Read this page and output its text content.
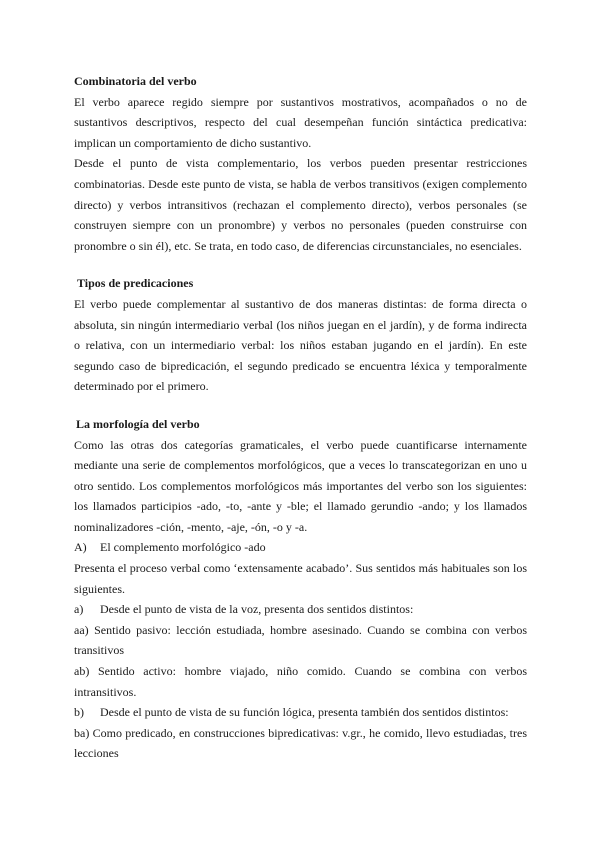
Combinatoria del verbo

El verbo aparece regido siempre por sustantivos mostrativos, acompañados o no de sustantivos descriptivos, respecto del cual desempeñan función sintáctica predicativa: implican un comportamiento de dicho sustantivo.

Desde el punto de vista complementario, los verbos pueden presentar restricciones combinatorias. Desde este punto de vista, se habla de verbos transitivos (exigen complemento directo) y verbos intransitivos (rechazan el complemento directo), verbos personales (se construyen siempre con un pronombre) y verbos no personales (pueden construirse con pronombre o sin él), etc. Se trata, en todo caso, de diferencias circunstanciales, no esenciales.

Tipos de predicaciones

El verbo puede complementar al sustantivo de dos maneras distintas: de forma directa o absoluta, sin ningún intermediario verbal (los niños juegan en el jardín), y de forma indirecta o relativa, con un intermediario verbal: los niños estaban jugando en el jardín). En este segundo caso de bipredicación, el segundo predicado se encuentra léxica y temporalmente determinado por el primero.

La morfología del verbo

Como las otras dos categorías gramaticales, el verbo puede cuantificarse internamente mediante una serie de complementos morfológicos, que a veces lo transcategorizan en uno u otro sentido. Los complementos morfológicos más importantes del verbo son los siguientes: los llamados participios -ado, -to, -ante y -ble; el llamado gerundio -ando; y los llamados nominalizadores -ción, -mento, -aje, -ón, -o y -a.

A)	El complemento morfológico -ado

Presenta el proceso verbal como ‘extensamente acabado’. Sus sentidos más habituales son los siguientes.

a)	Desde el punto de vista de la voz, presenta dos sentidos distintos:

aa) Sentido pasivo: lección estudiada, hombre asesinado. Cuando se combina con verbos transitivos

ab) Sentido activo: hombre viajado, niño comido. Cuando se combina con verbos intransitivos.

b)	Desde el punto de vista de su función lógica, presenta también dos sentidos distintos:

ba) Como predicado, en construcciones bipredicativas: v.gr., he comido, llevo estudiadas, tres lecciones
